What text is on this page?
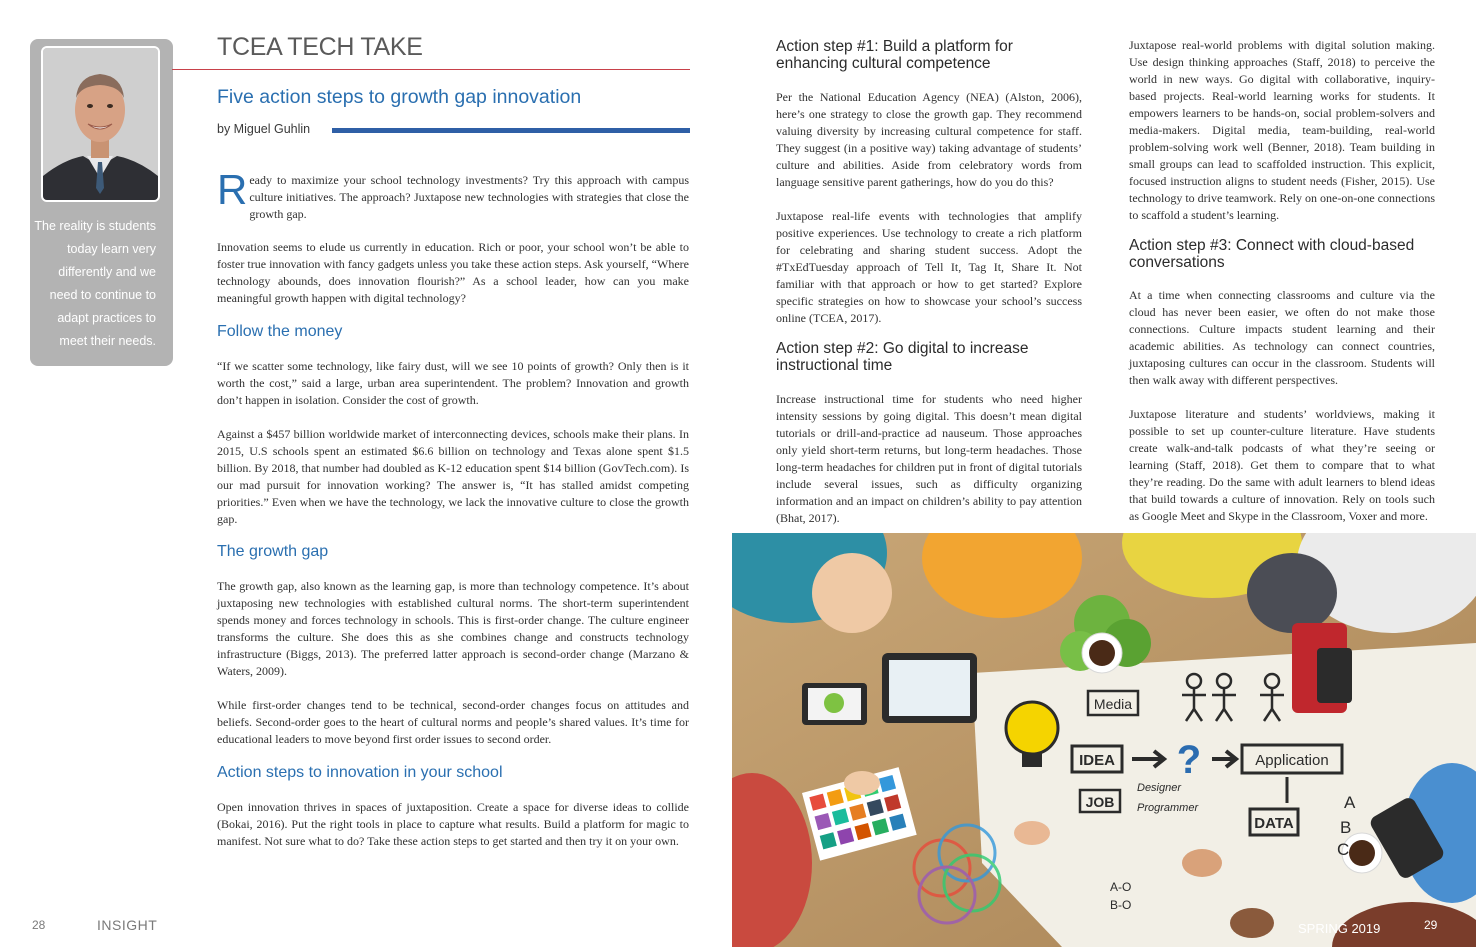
The reality is students
today learn very
differently and we
need to continue to
adapt practices to
meet their needs.
TCEA TECH TAKE
Five action steps to growth gap innovation
by Miguel Guhlin
R eady to maximize your school technology investments? Try this approach with campus culture initiatives. The approach? Juxtapose new technologies with strategies that close the growth gap.

Innovation seems to elude us currently in education. Rich or poor, your school won’t be able to foster true innovation with fancy gadgets unless you take these action steps. Ask yourself, “Where technology abounds, does innovation flourish?” As a school leader, how can you make meaningful growth happen with digital technology?

Follow the money

“If we scatter some technology, like fairy dust, will we see 10 points of growth? Only then is it worth the cost,” said a large, urban area superintendent. The problem? Innovation and growth don’t happen in isolation. Consider the cost of growth.

Against a $457 billion worldwide market of interconnecting devices, schools make their plans. In 2015, U.S schools spent an estimated $6.6 billion on technology and Texas alone spent $1.5 billion. By 2018, that number had doubled as K-12 education spent $14 billion (GovTech.com). Is our mad pursuit for innovation working? The answer is, “It has stalled amidst competing priorities.” Even when we have the technology, we lack the innovative culture to close the growth gap.

The growth gap

The growth gap, also known as the learning gap, is more than technology competence. It’s about juxtaposing new technologies with established cultural norms. The short-term superintendent spends money and forces technology in schools. This is first-order change. The culture engineer transforms the culture. She does this as she combines change and constructs technology infrastructure (Biggs, 2013). The preferred latter approach is second-order change (Marzano & Waters, 2009).

While first-order changes tend to be technical, second-order changes focus on attitudes and beliefs. Second-order goes to the heart of cultural norms and people’s shared values. It’s time for educational leaders to move beyond first order issues to second order.

Action steps to innovation in your school

Open innovation thrives in spaces of juxtaposition. Create a space for diverse ideas to collide (Bokai, 2016). Put the right tools in place to capture what results. Build a platform for magic to manifest. Not sure what to do? Take these action steps to get started and then try it on your own.

Action step #1: Build a platform for enhancing cultural competence

Per the National Education Agency (NEA) (Alston, 2006), here’s one strategy to close the growth gap. They recommend valuing diversity by increasing cultural competence for staff. They suggest (in a positive way) taking advantage of students’ culture and abilities. Aside from celebratory words from language sensitive parent gatherings, how do you do this?

Juxtapose real-life events with technologies that amplify positive experiences. Use technology to create a rich platform for celebrating and sharing student success. Adopt the #TxEdTuesday approach of Tell It, Tag It, Share It. Not familiar with that approach or how to get started? Explore specific strategies on how to showcase your school’s success online (TCEA, 2017).

Action step #2: Go digital to increase instructional time

Increase instructional time for students who need higher intensity sessions by going digital. This doesn’t mean digital tutorials or drill-and-practice ad nauseum. Those approaches only yield short-term returns, but long-term headaches. Those long-term headaches for children put in front of digital tutorials include several issues, such as difficulty organizing information and an impact on children’s ability to pay attention (Bhat, 2017).

Juxtapose real-world problems with digital solution making. Use design thinking approaches (Staff, 2018) to perceive the world in new ways. Go digital with collaborative, inquiry-based projects. Real-world learning works for students. It empowers learners to be hands-on, social problem-solvers and media-makers. Digital media, team-building, real-world problem-solving work well (Benner, 2018). Team building in small groups can lead to scaffolded instruction. This explicit, focused instruction aligns to student needs (Fisher, 2015). Use technology to drive teamwork. Rely on one-on-one connections to scaffold a student’s learning.

Action step #3: Connect with cloud-based conversations

At a time when connecting classrooms and culture via the cloud has never been easier, we often do not make those connections. Culture impacts student learning and their academic abilities. As technology can connect countries, juxtaposing cultures can occur in the classroom. Students will then walk away with different perspectives.

Juxtapose literature and students’ worldviews, making it possible to set up counter-culture literature. Have students create walk-and-talk podcasts of what they’re seeing or learning (Staff, 2018). Get them to compare that to what they’re reading. Do the same with adult learners to blend ideas that build towards a culture of innovation. Rely on tools such as Google Meet and Skype in the Classroom, Voxer and more.

Media
IDEA ?	Application
JOB
Designer
Programmer
DATA
A
B
C
A-O
B-O
28	INSIGHT	SPRING 2019	29
